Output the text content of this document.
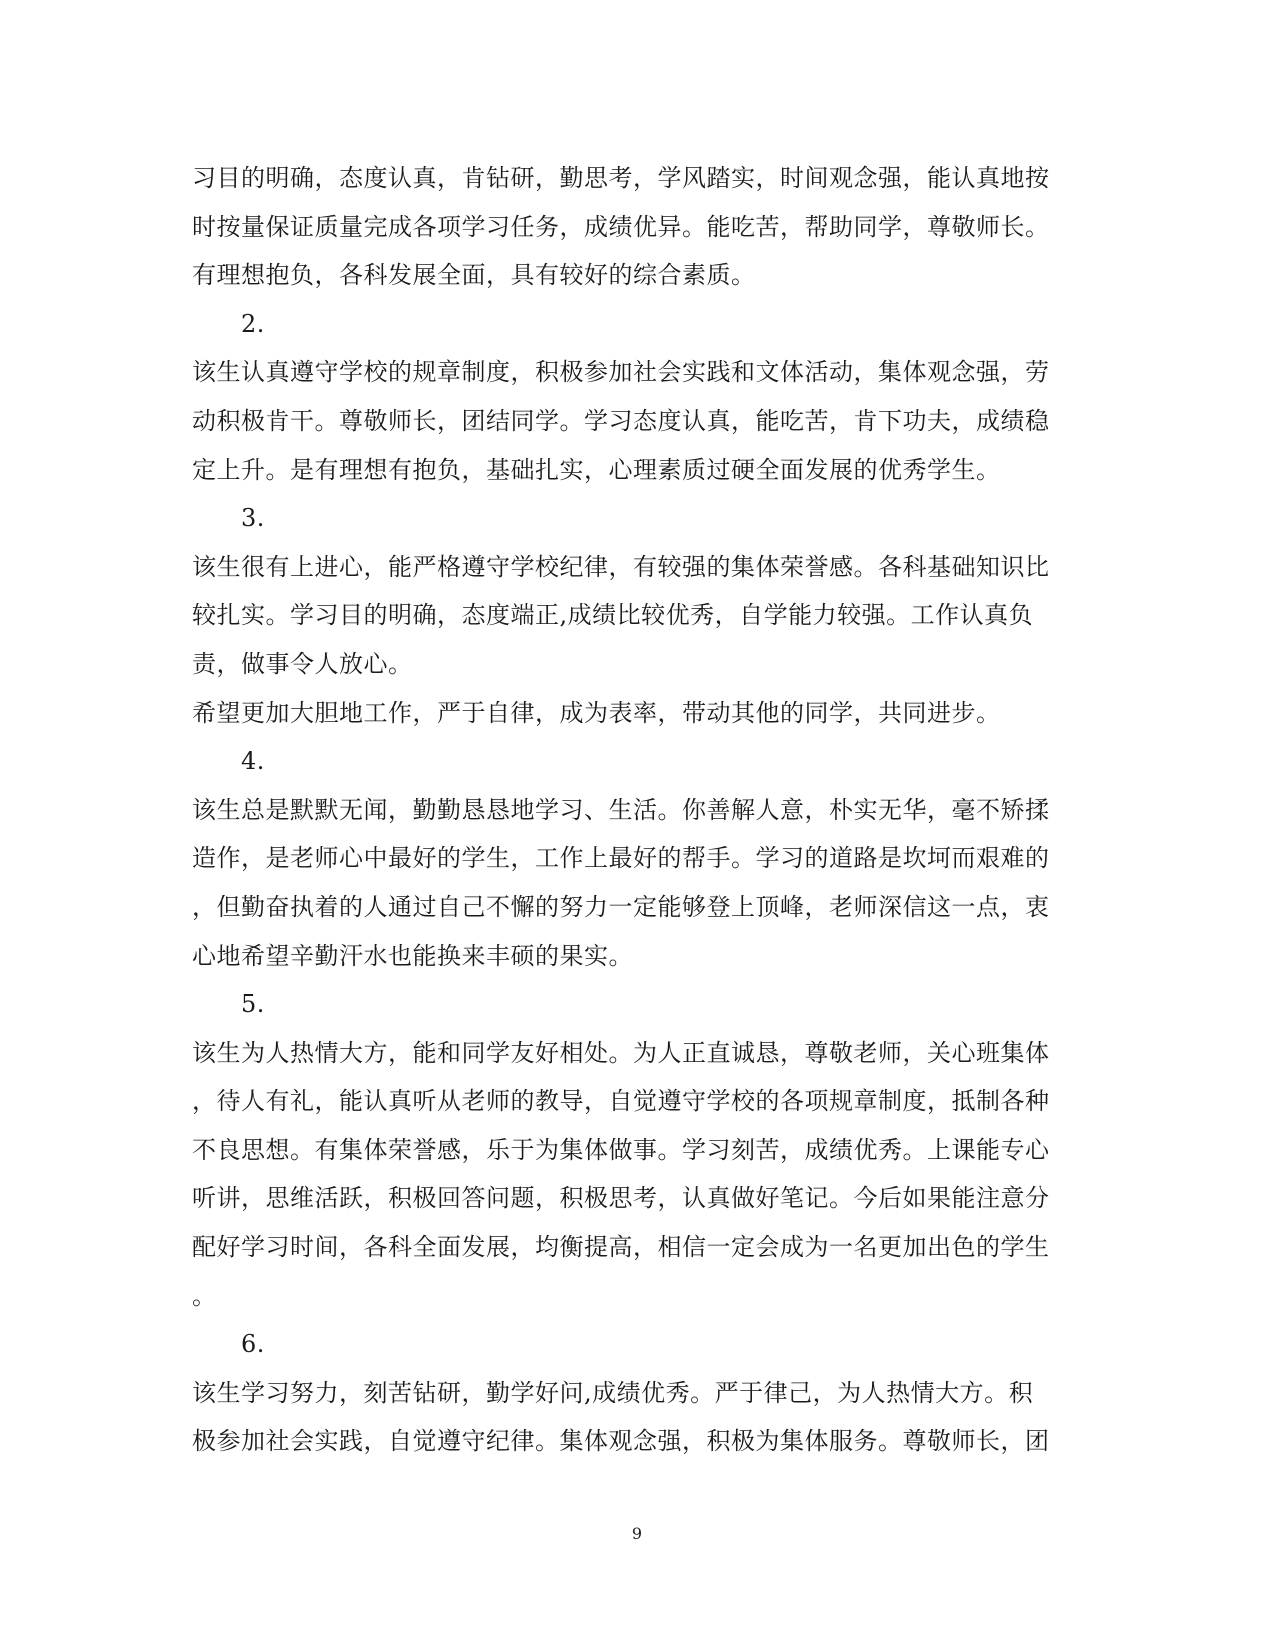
习目的明确，态度认真，肯钻研，勤思考，学风踏实，时间观念强，能认真地按
时按量保证质量完成各项学习任务，成绩优异。能吃苦，帮助同学，尊敬师长。
有理想抱负，各科发展全面，具有较好的综合素质。
2.
该生认真遵守学校的规章制度，积极参加社会实践和文体活动，集体观念强，劳
动积极肯干。尊敬师长，团结同学。学习态度认真，能吃苦，肯下功夫，成绩稳
定上升。是有理想有抱负，基础扎实，心理素质过硬全面发展的优秀学生。
3.
该生很有上进心，能严格遵守学校纪律，有较强的集体荣誉感。各科基础知识比
较扎实。学习目的明确，态度端正,成绩比较优秀，自学能力较强。工作认真负
责，做事令人放心。
希望更加大胆地工作，严于自律，成为表率，带动其他的同学，共同进步。
4.
该生总是默默无闻，勤勤恳恳地学习、生活。你善解人意，朴实无华，毫不矫揉
造作，是老师心中最好的学生，工作上最好的帮手。学习的道路是坎坷而艰难的
，但勤奋执着的人通过自己不懈的努力一定能够登上顶峰，老师深信这一点，衷
心地希望辛勤汗水也能换来丰硕的果实。
5.
该生为人热情大方，能和同学友好相处。为人正直诚恳，尊敬老师，关心班集体
，待人有礼，能认真听从老师的教导，自觉遵守学校的各项规章制度，抵制各种
不良思想。有集体荣誉感，乐于为集体做事。学习刻苦，成绩优秀。上课能专心
听讲，思维活跃，积极回答问题，积极思考，认真做好笔记。今后如果能注意分
配好学习时间，各科全面发展，均衡提高，相信一定会成为一名更加出色的学生
。
6.
该生学习努力，刻苦钻研，勤学好问,成绩优秀。严于律己，为人热情大方。积
极参加社会实践，自觉遵守纪律。集体观念强，积极为集体服务。尊敬师长，团
9
